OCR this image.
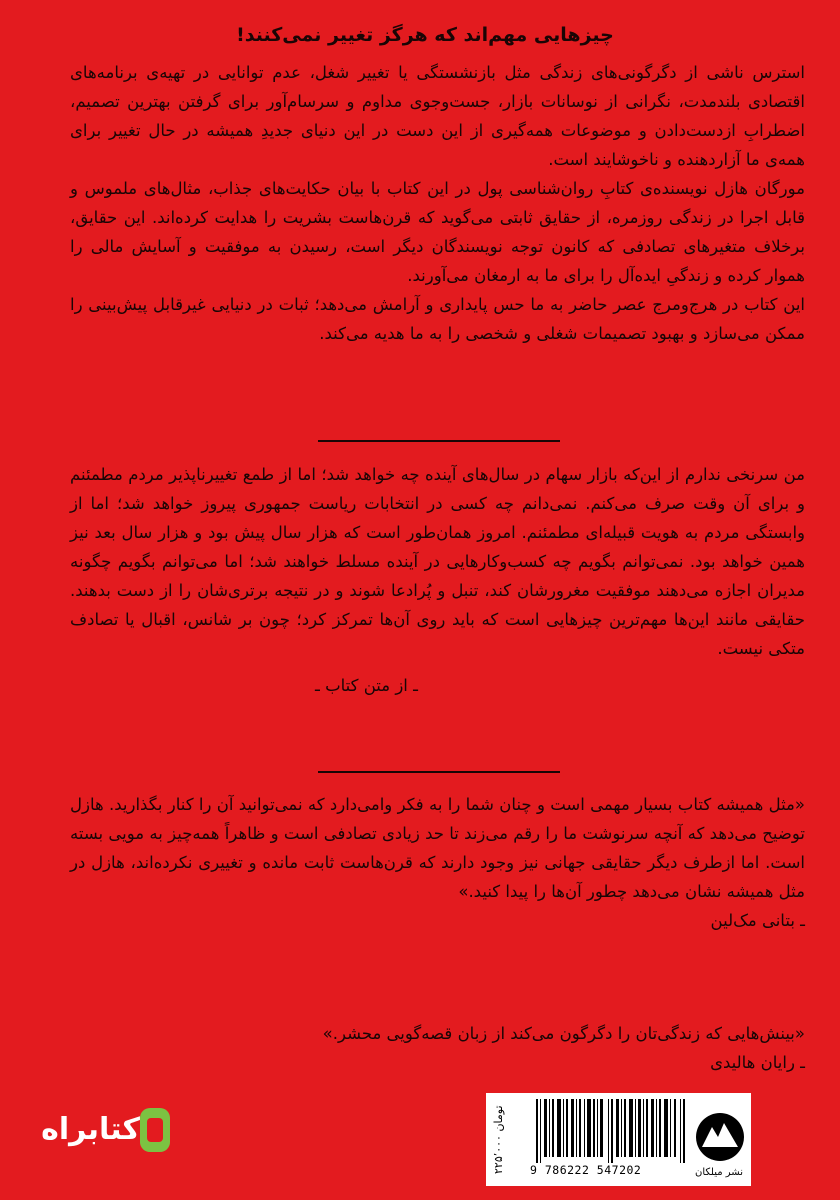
چیزهایی مهم‌اند که هرگز تغییر نمی‌کنند!

استرس ناشی از دگرگونی‌های زندگی مثل بازنشستگی یا تغییر شغل، عدم توانایی در تهیه‌ی برنامه‌های اقتصادی بلندمدت، نگرانی از نوسانات بازار، جست‌وجوی مداوم و سرسام‌آور برای گرفتن بهترین تصمیم، اضطرابِ ازدست‌دادن و موضوعات همه‌گیری از این دست در این دنیای جدیدِ همیشه در حال تغییر برای همه‌ی ما آزاردهنده و ناخوشایند است.

مورگان هازل نویسنده‌ی کتابِ روان‌شناسی پول در این کتاب با بیان حکایت‌های جذاب، مثال‌های ملموس و قابل اجرا در زندگی روزمره، از حقایق ثابتی می‌گوید که قرن‌هاست بشریت را هدایت کرده‌اند. این حقایق، برخلاف متغیرهای تصادفی که کانون توجه نویسندگان دیگر است، رسیدن به موفقیت و آسایش مالی را هموار کرده و زندگیِ ایده‌آل را برای ما به ارمغان می‌آورند.

این کتاب در هرج‌ومرج عصر حاضر به ما حس پایداری و آرامش می‌دهد؛ ثبات در دنیایی غیرقابل پیش‌بینی را ممکن می‌سازد و بهبود تصمیمات شغلی و شخصی را به ما هدیه می‌کند.

من سرنخی ندارم از این‌که بازار سهام در سال‌های آینده چه خواهد شد؛ اما از طمع تغییرناپذیر مردم مطمئنم و برای آن وقت صرف می‌کنم. نمی‌دانم چه کسی در انتخابات ریاست جمهوری پیروز خواهد شد؛ اما از وابستگی مردم به هویت قبیله‌ای مطمئنم. امروز همان‌طور است که هزار سال پیش بود و هزار سال بعد نیز همین خواهد بود. نمی‌توانم بگویم چه کسب‌وکارهایی در آینده مسلط خواهند شد؛ اما می‌توانم بگویم چگونه مدیران اجازه می‌دهند موفقیت مغرورشان کند، تنبل و پُرادعا شوند و در نتیجه برتری‌شان را از دست بدهند. حقایقی مانند این‌ها مهم‌ترین چیزهایی است که باید روی آن‌ها تمرکز کرد؛ چون بر شانس، اقبال یا تصادف متکی نیست.

ـ از متن کتاب ـ

«مثل همیشه کتاب بسیار مهمی است و چنان شما را به فکر وامی‌دارد که نمی‌توانید آن را کنار بگذارید. هازل توضیح می‌دهد که آنچه سرنوشت ما را رقم می‌زند تا حد زیادی تصادفی است و ظاهراً همه‌چیز به مویی بسته است. اما ازطرف دیگر حقایقی جهانی نیز وجود دارند که قرن‌هاست ثابت مانده و تغییری نکرده‌اند، هازل در مثل همیشه نشان می‌دهد چطور آن‌ها را پیدا کنید.»

ـ بتانی مک‌لین

«بینش‌هایی که زندگی‌تان را دگرگون می‌کند از زبان قصه‌گویی محشر.»

ـ رایان هالیدی
کتابراه
۲۲۵٬۰۰۰ تومان
9 786222 547202	نشر میلکان
